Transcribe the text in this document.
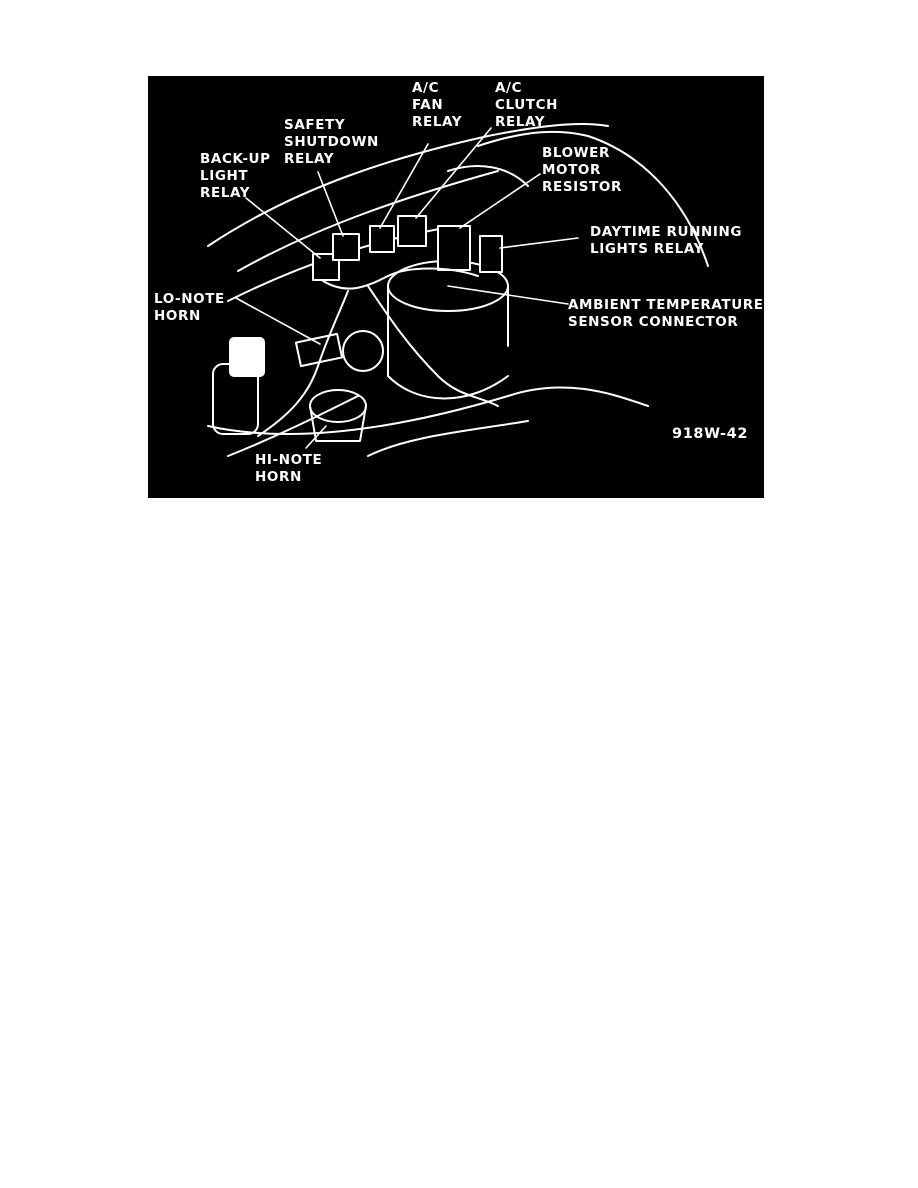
A/C
FAN
RELAY
A/C
CLUTCH
RELAY
SAFETY
SHUTDOWN
RELAY
BACK-UP
LIGHT
RELAY
BLOWER
MOTOR
RESISTOR
DAYTIME RUNNING
LIGHTS RELAY
AMBIENT TEMPERATURE
SENSOR CONNECTOR
LO-NOTE
HORN
HI-NOTE
HORN
918W-42
